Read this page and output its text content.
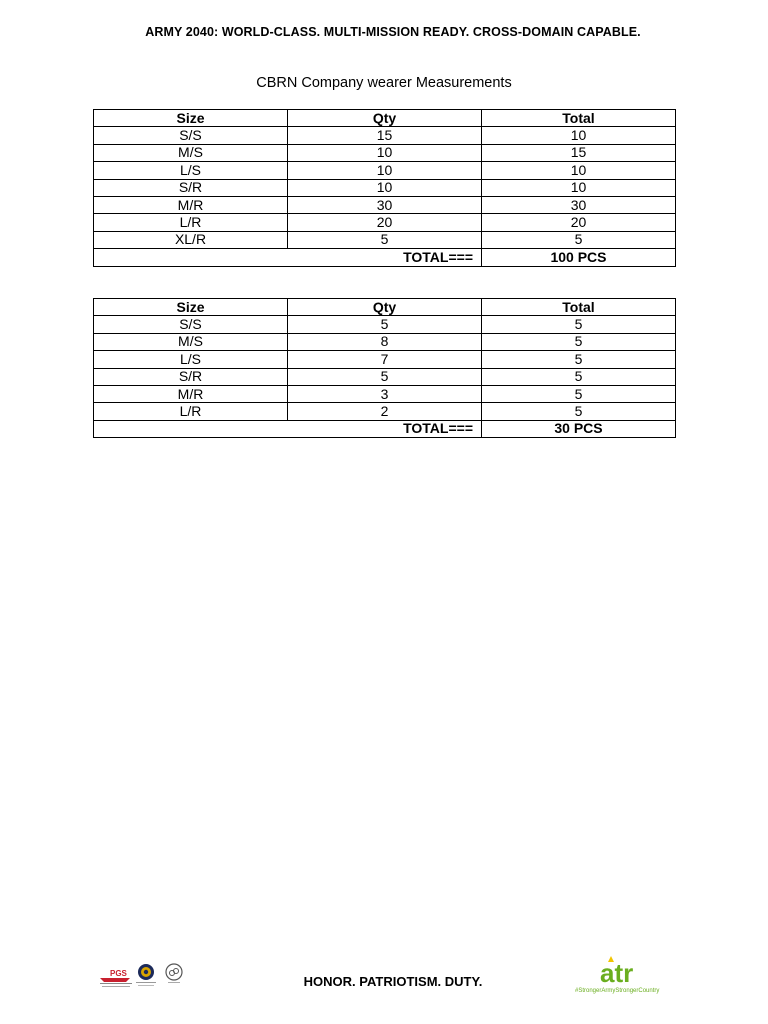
ARMY 2040: WORLD-CLASS. MULTI-MISSION READY. CROSS-DOMAIN CAPABLE.
CBRN Company wearer Measurements
Size	Qty	Total
S/S	15	10
M/S	10	15
L/S	10	10
S/R	10	10
M/R	30	30
L/R	20	20
XL/R	5	5
TOTAL===		100 PCS
Size	Qty	Total
S/S	5	5
M/S	8	5
L/S	7	5
S/R	5	5
M/R	3	5
L/R	2	5
TOTAL===		30 PCS
PGS
HONOR. PATRIOTISM. DUTY.	atr
#StrongerArmyStrongerCountry
